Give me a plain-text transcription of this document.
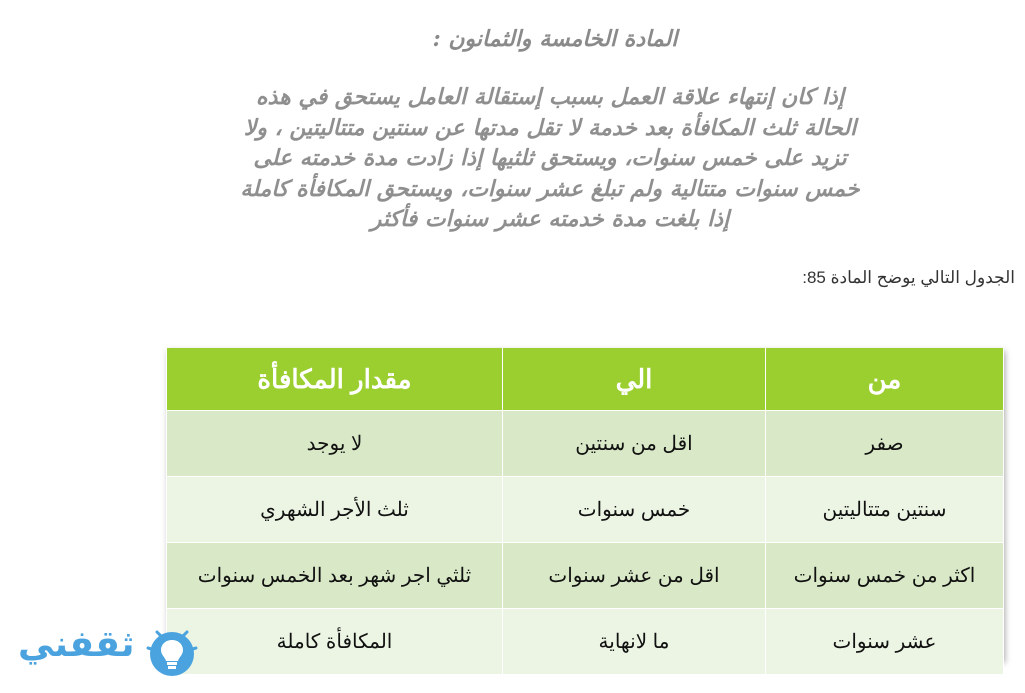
المادة الخامسة والثمانون :
إذا كان إنتهاء علاقة العمل بسبب إستقالة العامل يستحق في هذه
الحالة ثلث المكافأة بعد خدمة لا تقل مدتها عن سنتين متتاليتين ، ولا
تزيد على خمس سنوات، ويستحق ثلثيها إذا زادت مدة خدمته على
خمس سنوات متتالية ولم تبلغ عشر سنوات، ويستحق المكافأة كاملة
إذا بلغت مدة خدمته عشر سنوات فأكثر

الجدول التالي يوضح المادة 85:

من	الي	مقدار المكافأة
صفر	اقل من سنتين	لا يوجد
سنتين متتاليتين	خمس سنوات	ثلث الأجر الشهري
اكثر من خمس سنوات	اقل من عشر سنوات	ثلثي اجر شهر بعد الخمس سنوات
عشر سنوات	ما لانهاية	المكافأة كاملة
ثقفني
